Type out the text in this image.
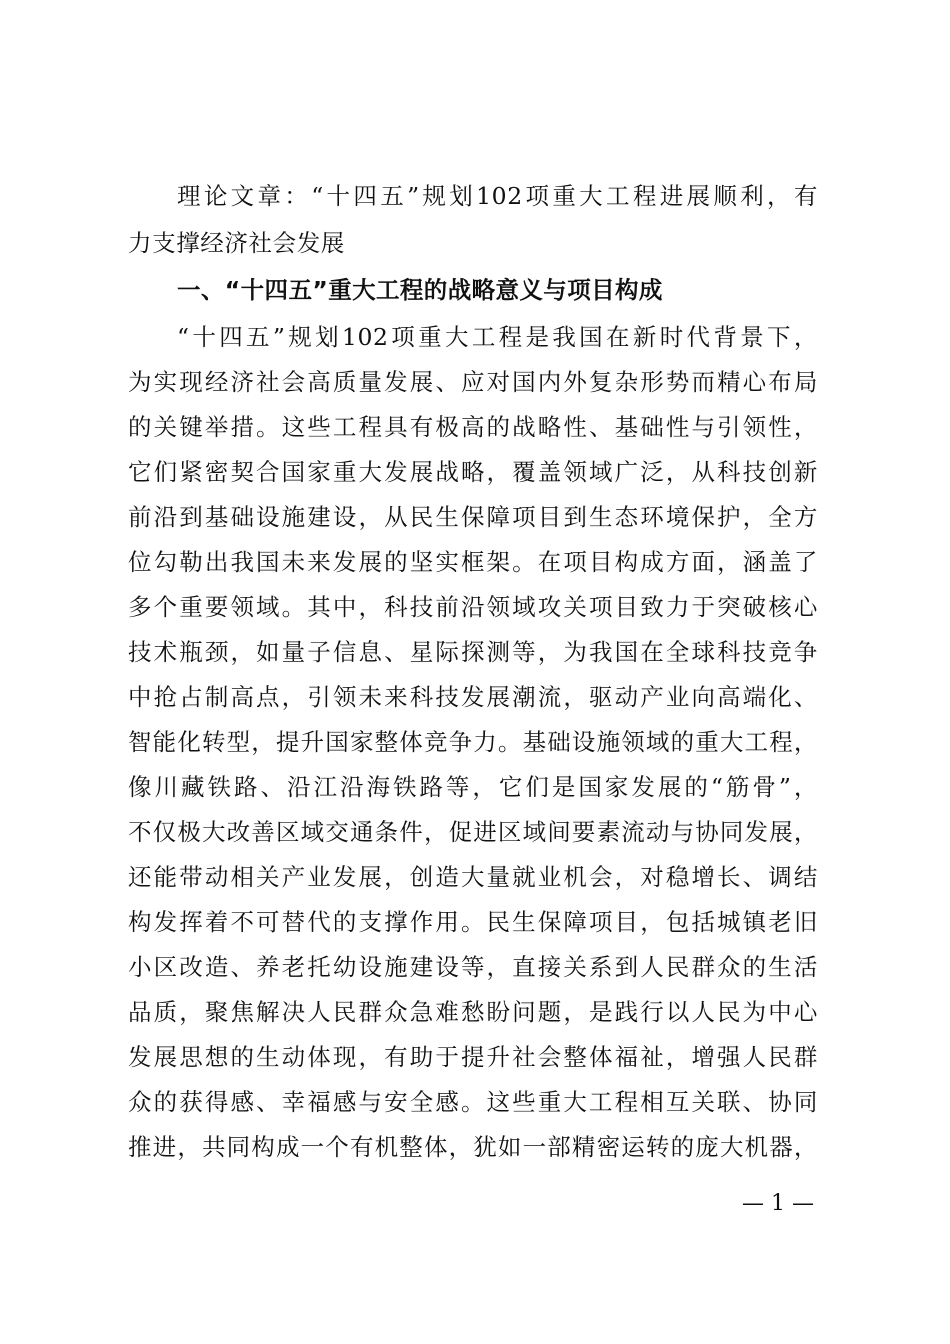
理论文章：“十四五”规划102项重大工程进展顺利，有
力支撑经济社会发展
一、“十四五”重大工程的战略意义与项目构成
“十四五”规划102项重大工程是我国在新时代背景下，
为实现经济社会高质量发展、应对国内外复杂形势而精心布局
的关键举措。这些工程具有极高的战略性、基础性与引领性，
它们紧密契合国家重大发展战略，覆盖领域广泛，从科技创新
前沿到基础设施建设，从民生保障项目到生态环境保护，全方
位勾勒出我国未来发展的坚实框架。在项目构成方面，涵盖了
多个重要领域。其中，科技前沿领域攻关项目致力于突破核心
技术瓶颈，如量子信息、星际探测等，为我国在全球科技竞争
中抢占制高点，引领未来科技发展潮流，驱动产业向高端化、
智能化转型，提升国家整体竞争力。基础设施领域的重大工程，
像川藏铁路、沿江沿海铁路等，它们是国家发展的“筋骨”，
不仅极大改善区域交通条件，促进区域间要素流动与协同发展，
还能带动相关产业发展，创造大量就业机会，对稳增长、调结
构发挥着不可替代的支撑作用。民生保障项目，包括城镇老旧
小区改造、养老托幼设施建设等，直接关系到人民群众的生活
品质，聚焦解决人民群众急难愁盼问题，是践行以人民为中心
发展思想的生动体现，有助于提升社会整体福祉，增强人民群
众的获得感、幸福感与安全感。这些重大工程相互关联、协同
推进，共同构成一个有机整体，犹如一部精密运转的庞大机器，
— 1 —
